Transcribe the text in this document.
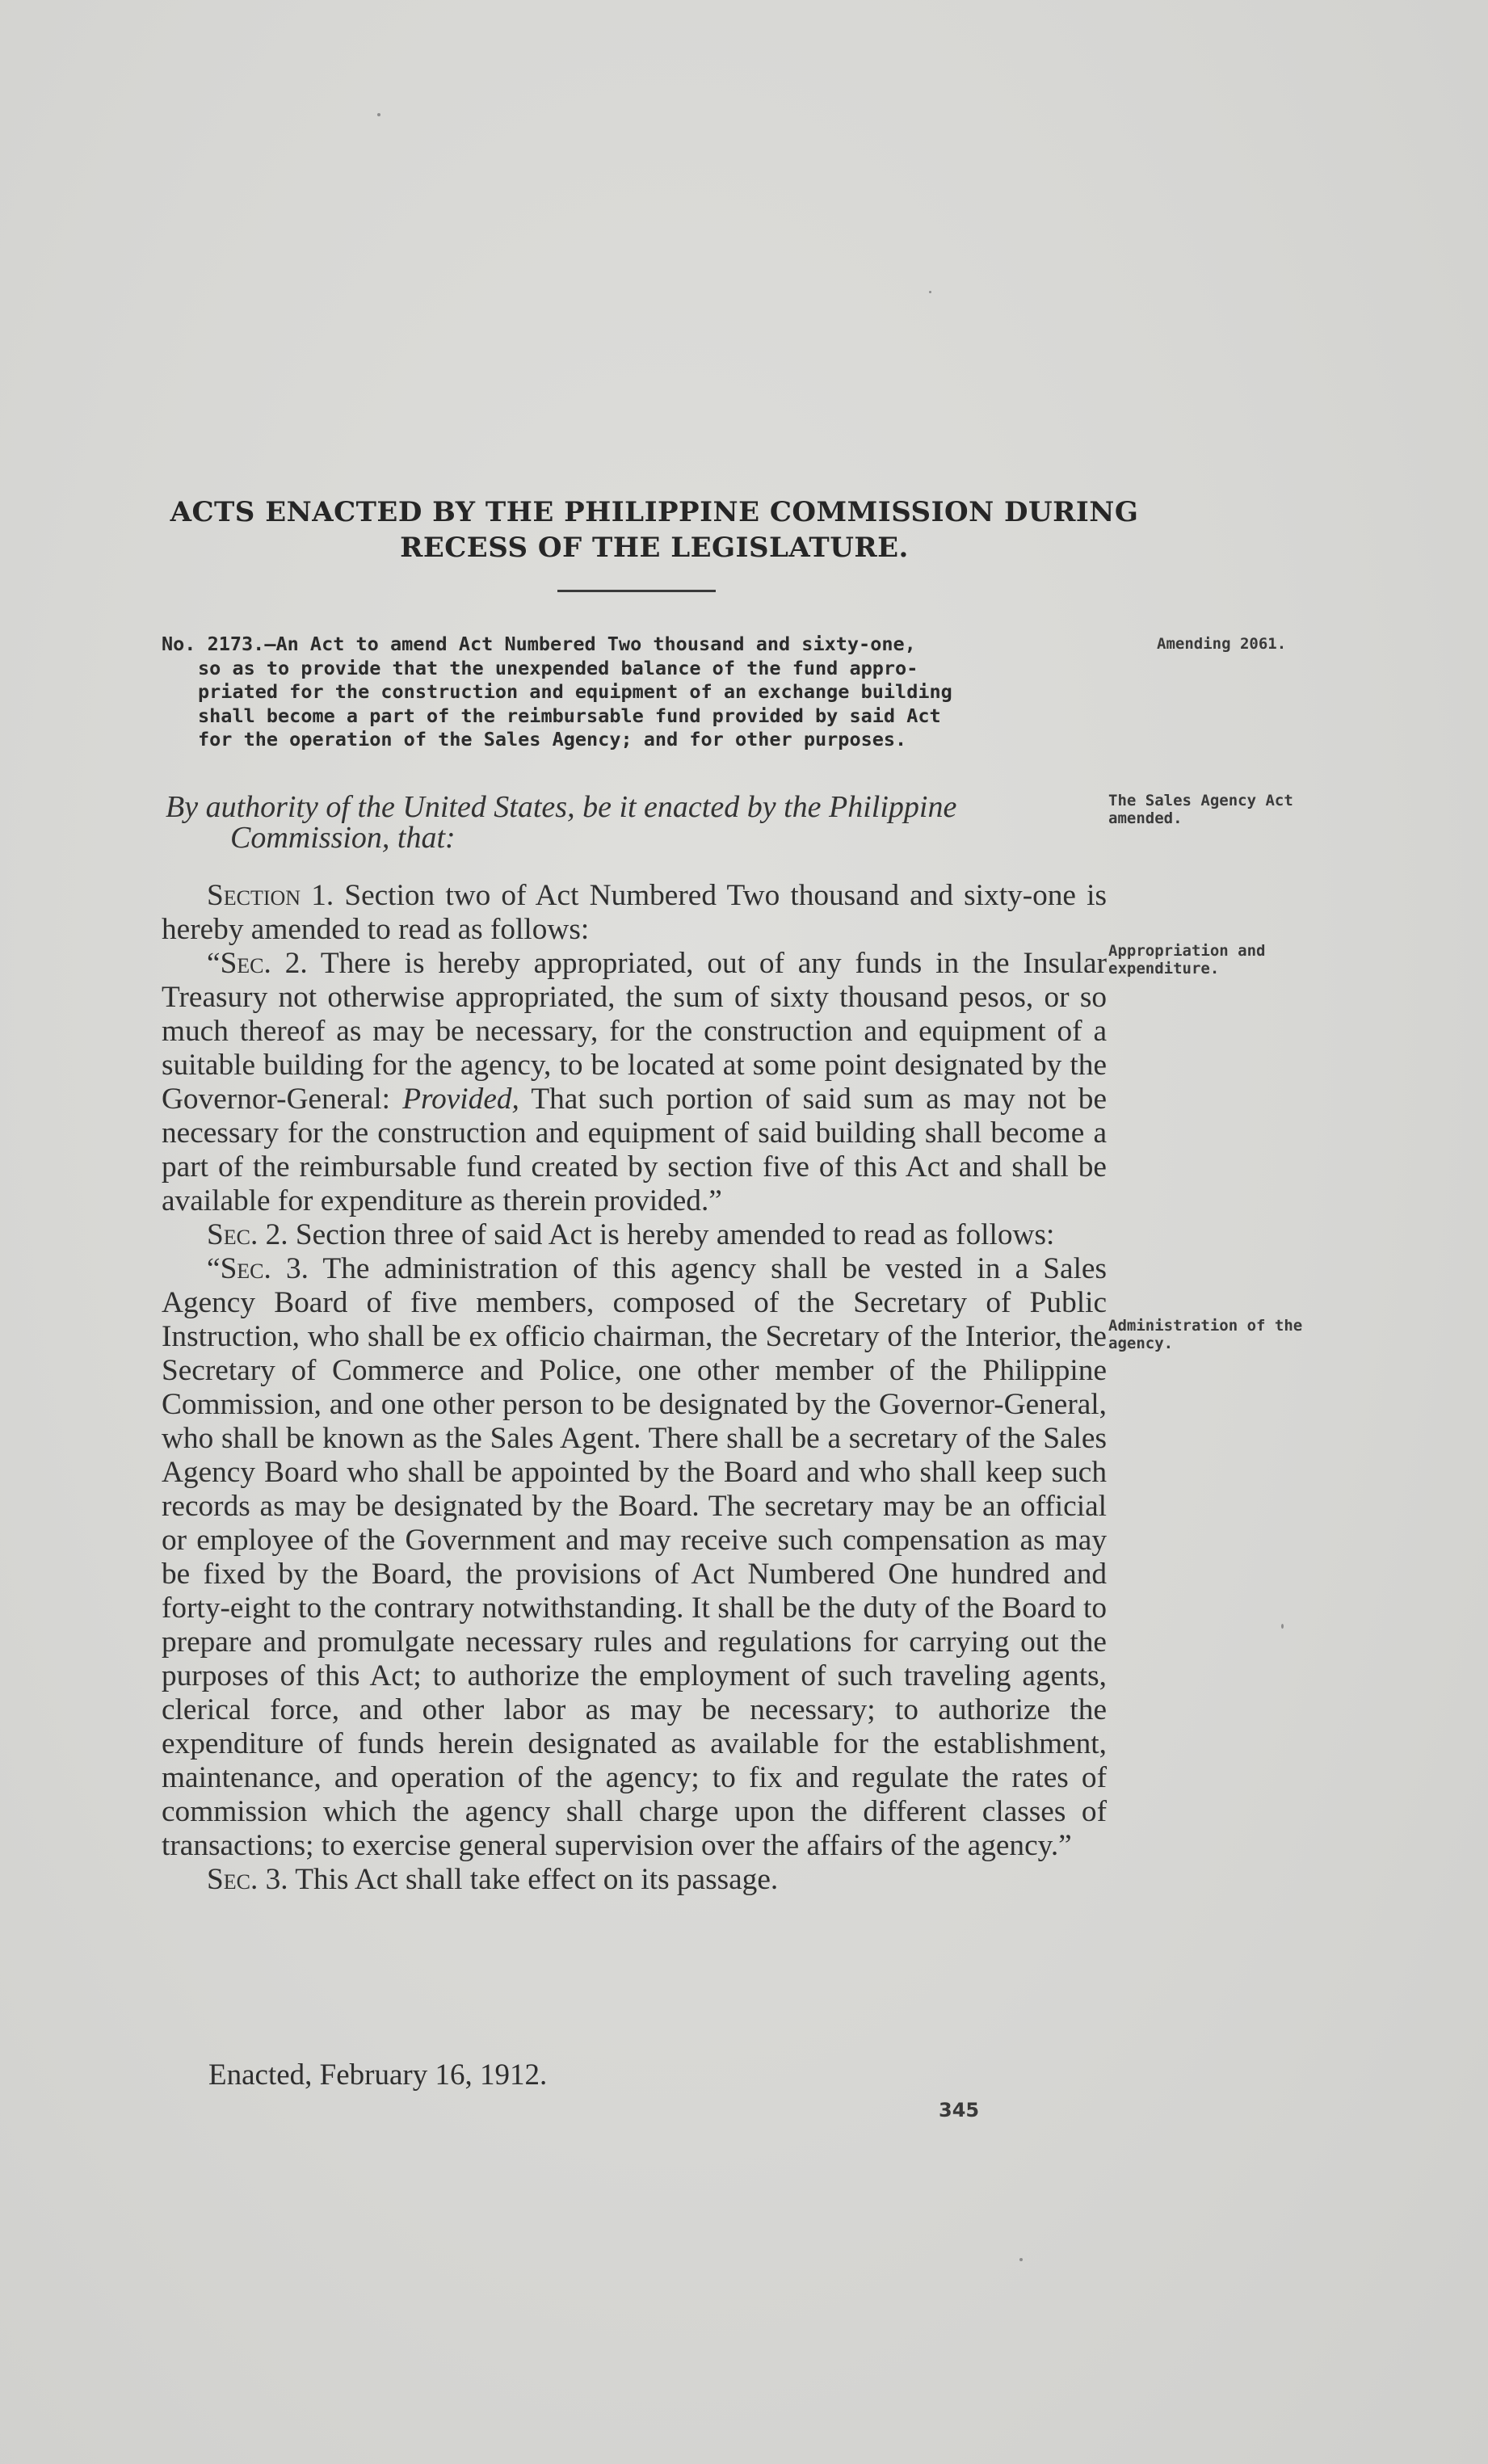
ACTS ENACTED BY THE PHILIPPINE COMMISSION DURING
RECESS OF THE LEGISLATURE.
No. 2173.—An Act to amend Act Numbered Two thousand and sixty-one,
so as to provide that the unexpended balance of the fund appro-
priated for the construction and equipment of an exchange building
shall become a part of the reimbursable fund provided by said Act
for the operation of the Sales Agency; and for other purposes.
By authority of the United States, be it enacted by the Philippine
Commission, that:

Section 1. Section two of Act Numbered Two thousand and sixty-one is hereby amended to read as follows:

“Sec. 2. There is hereby appropriated, out of any funds in the Insular Treasury not otherwise appropriated, the sum of sixty thousand pesos, or so much thereof as may be necessary, for the construction and equipment of a suitable building for the agency, to be located at some point designated by the Governor-General: Provided, That such portion of said sum as may not be necessary for the construction and equipment of said building shall become a part of the reimbursable fund created by section five of this Act and shall be available for expenditure as therein provided.”

Sec. 2. Section three of said Act is hereby amended to read as follows:

“Sec. 3. The administration of this agency shall be vested in a Sales Agency Board of five members, composed of the Secretary of Public Instruction, who shall be ex officio chairman, the Secretary of the Interior, the Secretary of Commerce and Police, one other member of the Philippine Commission, and one other person to be designated by the Governor-General, who shall be known as the Sales Agent. There shall be a secretary of the Sales Agency Board who shall be appointed by the Board and who shall keep such records as may be designated by the Board. The secretary may be an official or employee of the Government and may receive such compensation as may be fixed by the Board, the provisions of Act Numbered One hundred and forty-eight to the contrary notwithstanding. It shall be the duty of the Board to prepare and promulgate necessary rules and regulations for carrying out the purposes of this Act; to authorize the employment of such traveling agents, clerical force, and other labor as may be necessary; to authorize the expenditure of funds herein designated as available for the establishment, maintenance, and operation of the agency; to fix and regulate the rates of commission which the agency shall charge upon the different classes of transactions; to exercise general supervision over the affairs of the agency.”

Sec. 3. This Act shall take effect on its passage.

Enacted, February 16, 1912.
345
Amending 2061.
The Sales Agency Act amended.
Appropriation and expenditure.
Administration of the agency.
